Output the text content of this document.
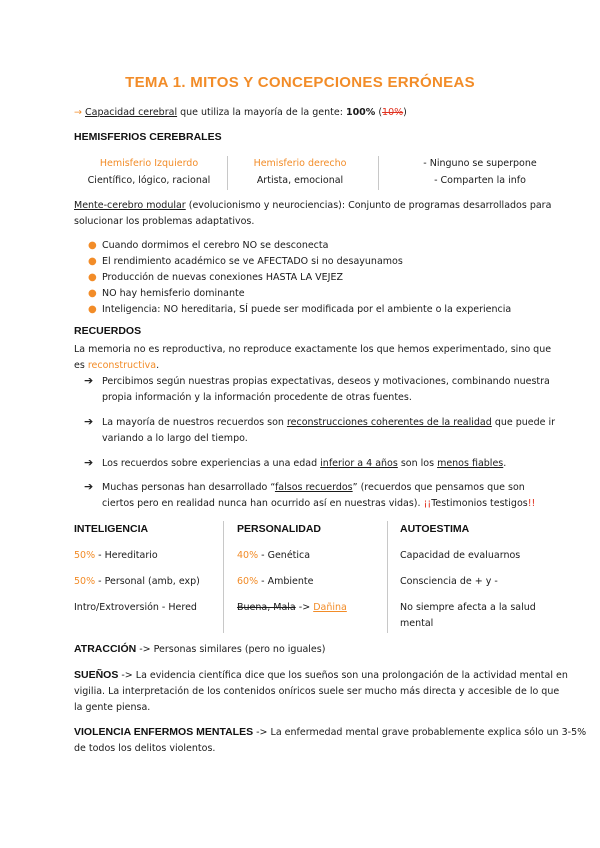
TEMA 1. MITOS Y CONCEPCIONES ERRÓNEAS
→ Capacidad cerebral que utiliza la mayoría de la gente: 100% (10%)
HEMISFERIOS CEREBRALES
Hemisferio Izquierdo
Científico, lógico, racional
Hemisferio derecho
Artista, emocional
- Ninguno se superpone
- Comparten la info
Mente-cerebro modular (evolucionismo y neurociencias): Conjunto de programas desarrollados para
solucionar los problemas adaptativos.
● Cuando dormimos el cerebro NO se desconecta
● El rendimiento académico se ve AFECTADO si no desayunamos
● Producción de nuevas conexiones HASTA LA VEJEZ
● NO hay hemisferio dominante
● Inteligencia: NO hereditaria, SÍ puede ser modificada por el ambiente o la experiencia
RECUERDOS
La memoria no es reproductiva, no reproduce exactamente los que hemos experimentado, sino que
es reconstructiva.
➔ Percibimos según nuestras propias expectativas, deseos y motivaciones, combinando nuestra
propia información y la información procedente de otras fuentes.
➔ La mayoría de nuestros recuerdos son reconstrucciones coherentes de la realidad que puede ir
variando a lo largo del tiempo.
➔ Los recuerdos sobre experiencias a una edad inferior a 4 años son los menos fiables.
➔ Muchas personas han desarrollado “falsos recuerdos” (recuerdos que pensamos que son
ciertos pero en realidad nunca han ocurrido así en nuestras vidas). ¡¡Testimonios testigos!!
INTELIGENCIA	PERSONALIDAD	AUTOESTIMA
50% - Hereditario
50% - Personal (amb, exp)
Intro/Extroversión - Hered
40% - Genética
60% - Ambiente
Buena, Mala -> Dañina
Capacidad de evaluarnos
Consciencia de + y -
No siempre afecta a la salud
mental
ATRACCIÓN -> Personas similares (pero no iguales)
SUEÑOS -> La evidencia científica dice que los sueños son una prolongación de la actividad mental en
vigilia. La interpretación de los contenidos oníricos suele ser mucho más directa y accesible de lo que
la gente piensa.
VIOLENCIA ENFERMOS MENTALES -> La enfermedad mental grave probablemente explica sólo un 3-5%
de todos los delitos violentos.
